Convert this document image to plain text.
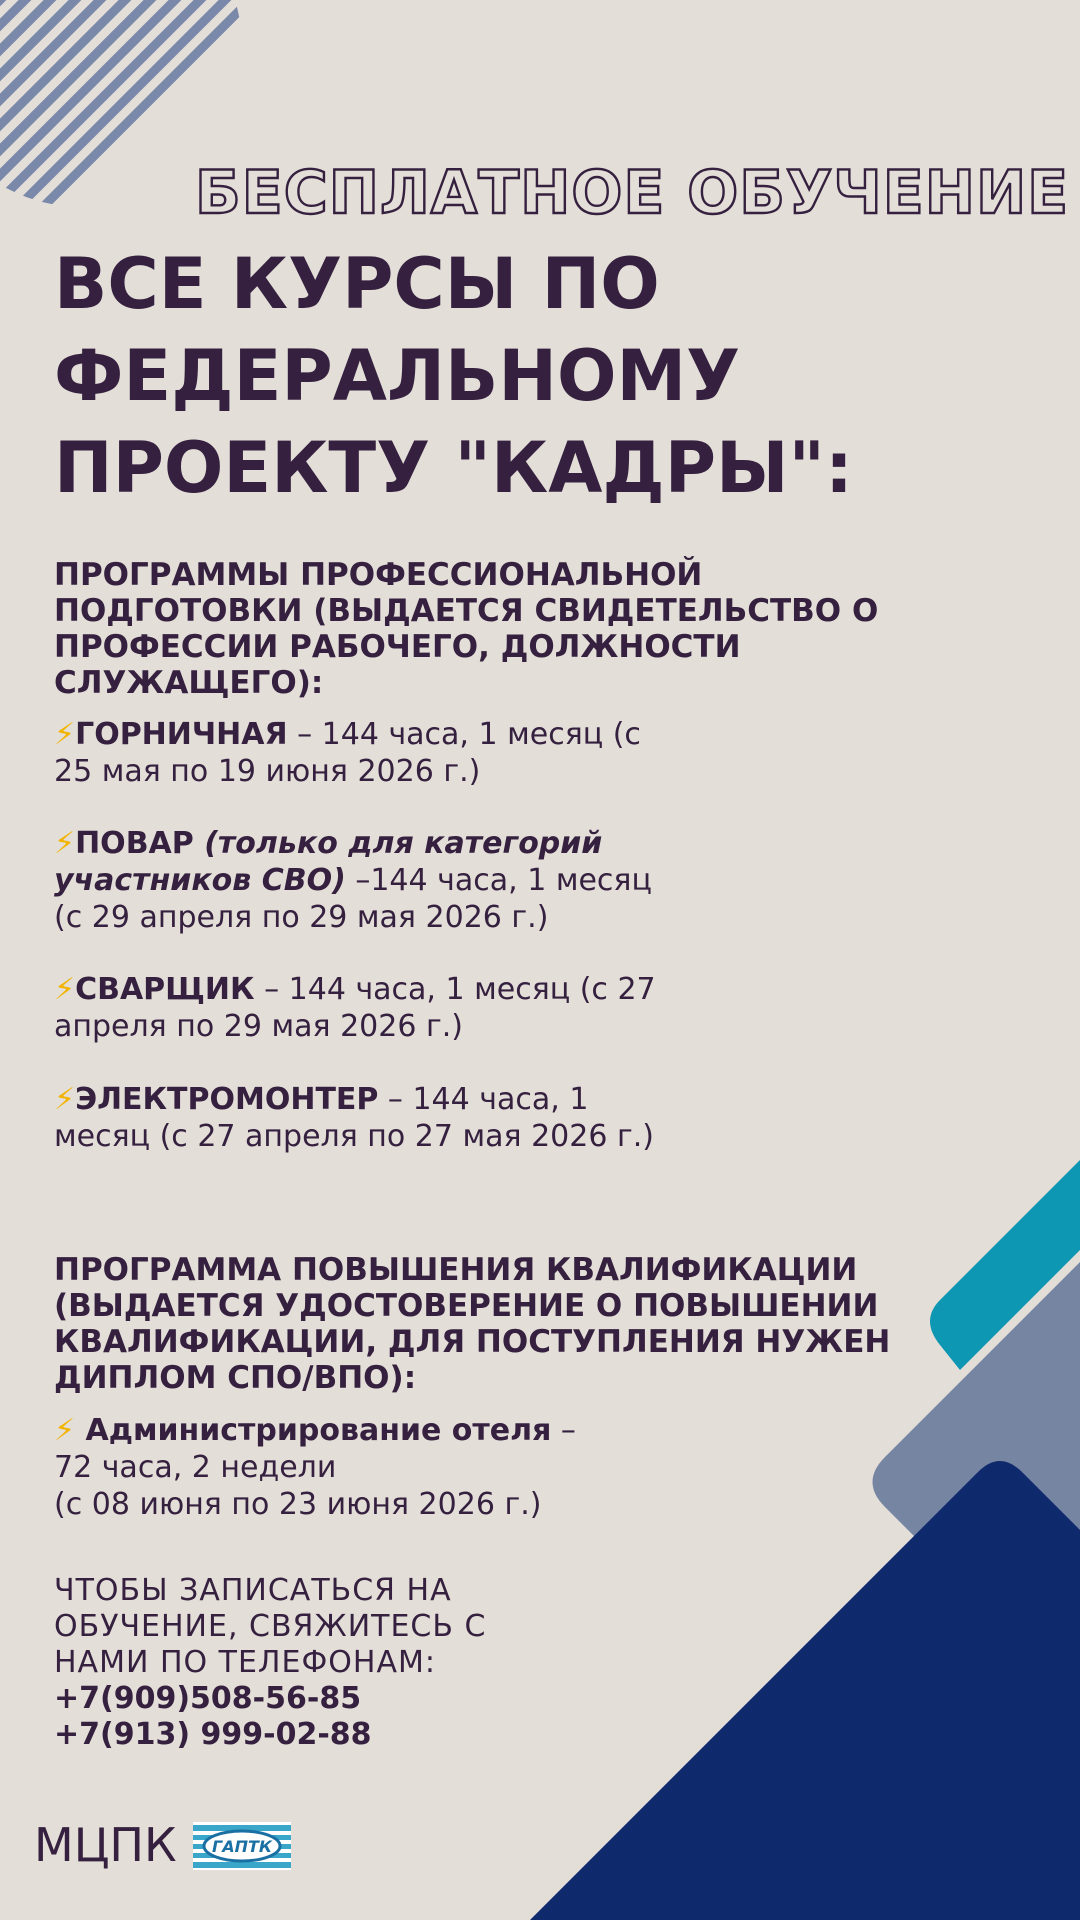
БЕСПЛАТНОЕ ОБУЧЕНИЕ
ВСЕ КУРСЫ ПО
ФЕДЕРАЛЬНОМУ
ПРОЕКТУ "КАДРЫ":
ПРОГРАММЫ ПРОФЕССИОНАЛЬНОЙ
ПОДГОТОВКИ (ВЫДАЕТСЯ СВИДЕТЕЛЬСТВО О
ПРОФЕССИИ РАБОЧЕГО, ДОЛЖНОСТИ
СЛУЖАЩЕГО):
⚡ГОРНИЧНАЯ – 144 часа, 1 месяц (с
25 мая по 19 июня 2026 г.)
⚡ПОВАР (только для категорий
участников СВО) –144 часа, 1 месяц
(с 29 апреля по 29 мая 2026 г.)
⚡СВАРЩИК – 144 часа, 1 месяц (с 27
апреля по 29 мая 2026 г.)
⚡ЭЛЕКТРОМОНТЕР – 144 часа, 1
месяц (с 27 апреля по 27 мая 2026 г.)
ПРОГРАММА ПОВЫШЕНИЯ КВАЛИФИКАЦИИ
(ВЫДАЕТСЯ УДОСТОВЕРЕНИЕ О ПОВЫШЕНИИ
КВАЛИФИКАЦИИ, ДЛЯ ПОСТУПЛЕНИЯ НУЖЕН
ДИПЛОМ СПО/ВПО):
⚡ Администрирование отеля –
72 часа, 2 недели
(с 08 июня по 23 июня 2026 г.)
ЧТОБЫ ЗАПИСАТЬСЯ НА
ОБУЧЕНИЕ, СВЯЖИТЕСЬ С
НАМИ ПО ТЕЛЕФОНАМ:
+7(909)508-56-85
+7(913) 999-02-88
МЦПК ГАПТК
